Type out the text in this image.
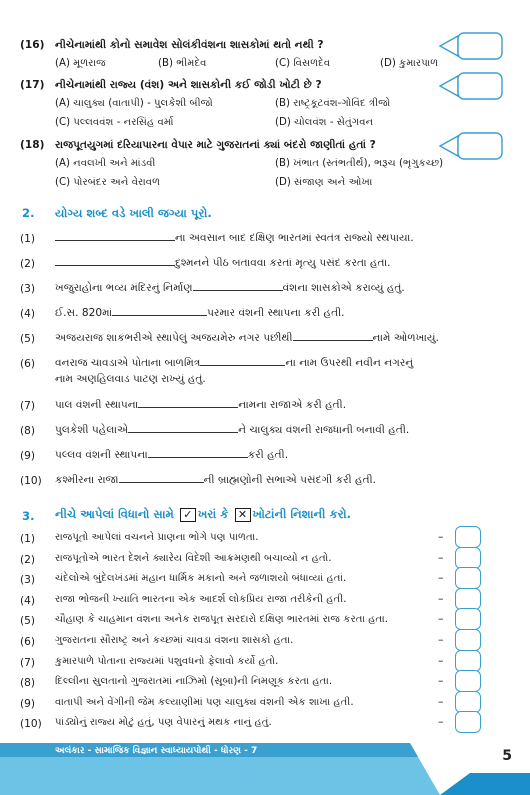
(16) નીચેનામાંથી કોનો સમાવેશ સોલંકીવંશના શાસકોમાં થતો નથી ?
(A) મૂળરાજ	(B) ભીમદેવ	(C) વિસળદેવ	(D) કુમારપાળ
(17) નીચેનામાંથી રાજ્ય (વંશ) અને શાસકોની કઈ જોડી ખોટી છે ?
(A) ચાલુક્ય (વાતાપી) - પુલકેશી બીજો	(B) રાષ્ટ્રકૂટવંશ-ગોવિંદ ત્રીજો
(C) પલ્લવવંશ - નરસિંહ વર્મા	(D) ચોલવંશ - સેતુંગવન
(18) રાજપૂતયુગમાં દરિયાપારના વેપાર માટે ગુજરાતનાં ક્યાં બંદરો જાણીતાં હતાં ?
(A) નવલખી અને માંડવી	(B) ખંભાત (સ્તંભતીર્થ), ભરૂચ (ભૃગુકચ્છ)
(C) પોરબંદર અને વેરાવળ	(D) સંજાણ અને ઓખા
2. યોગ્ય શબ્દ વડે ખાલી જગ્યા પૂરો.
(1)	ના અવસાન બાદ દક્ષિણ ભારતમાં સ્વતંત્ર રાજ્યો સ્થપાયા.
(2)	દુશ્મનને પીઠ બતાવવા કરતાં મૃત્યુ પસંદ કરતા હતા.
(3) ખજુરાહોના ભવ્ય મંદિરનું નિર્માણ	વંશના શાસકોએ કરાવ્યું હતું.
(4) ઈ.સ. 820માં	પરમાર વંશની સ્થાપના કરી હતી.
(5) અજયરાજ શાકંભરીએ સ્થાપેલું અજયમેરુ નગર પછીથી	નામે ઓળખાયું.
(6) વનરાજ ચાવડાએ પોતાના બાળમિત્ર	ના નામ ઉપરથી નવીન નગરનું
નામ અણહિલવાડ પાટણ રાખ્યું હતું.
(7) પાલ વંશની સ્થાપના	નામના રાજાએ કરી હતી.
(8) પુલકેશી પહેલાએ	ને ચાલુક્ય વંશની રાજધાની બનાવી હતી.
(9) પલ્લવ વંશની સ્થાપના	કરી હતી.
(10) કશ્મીરના રાજા	ની બ્રાહ્મણોની સભાએ પસંદગી કરી હતી.
3. નીચે આપેલાં વિધાનો સામે ✓ ખરાં કે ✕ ખોટાંની નિશાની કરો.
(1) રાજપૂતો આપેલાં વચનને પ્રાણના ભોગે પણ પાળતા.	–
(2) રાજપૂતોએ ભારત દેશને ક્યારેય વિદેશી આક્રમણથી બચાવ્યો ન હતો.	–
(3) ચંદેલોએ બુંદેલખંડમાં મહાન ધાર્મિક મકાનો અને જળાશયો બંધાવ્યાં હતાં.	–
(4) રાજા ભોજની ખ્યાતિ ભારતના એક આદર્શ લોકપ્રિય રાજા તરીકેની હતી.	–
(5) ચૌહાણ કે ચાહમાન વંશના અનેક રાજપૂત સરદારો દક્ષિણ ભારતમાં રાજ કરતા હતા.	–
(6) ગુજરાતના સૌરાષ્ટ્ર અને કચ્છમાં ચાવડા વંશના શાસકો હતા.	–
(7) કુમારપાળે પોતાના રાજ્યમાં પશુવધનો ફેલાવો કર્યો હતો.	–
(8) દિલ્લીના સુલતાનો ગુજરાતમાં નાઝિમો (સૂબા)ની નિમણૂક કરતા હતા.	–
(9) વાતાપી અને વેંગીની જેમ કલ્યાણીમાં પણ ચાલુક્ય વંશની એક શાખા હતી.	–
(10) પાંડ્યોનું રાજ્ય મોટું હતું, પણ વેપારનું મથક નાનું હતું.	–
અલંકાર - સામાજિક વિજ્ઞાન સ્વાધ્યાયપોથી - ધોરણ - 7	5
